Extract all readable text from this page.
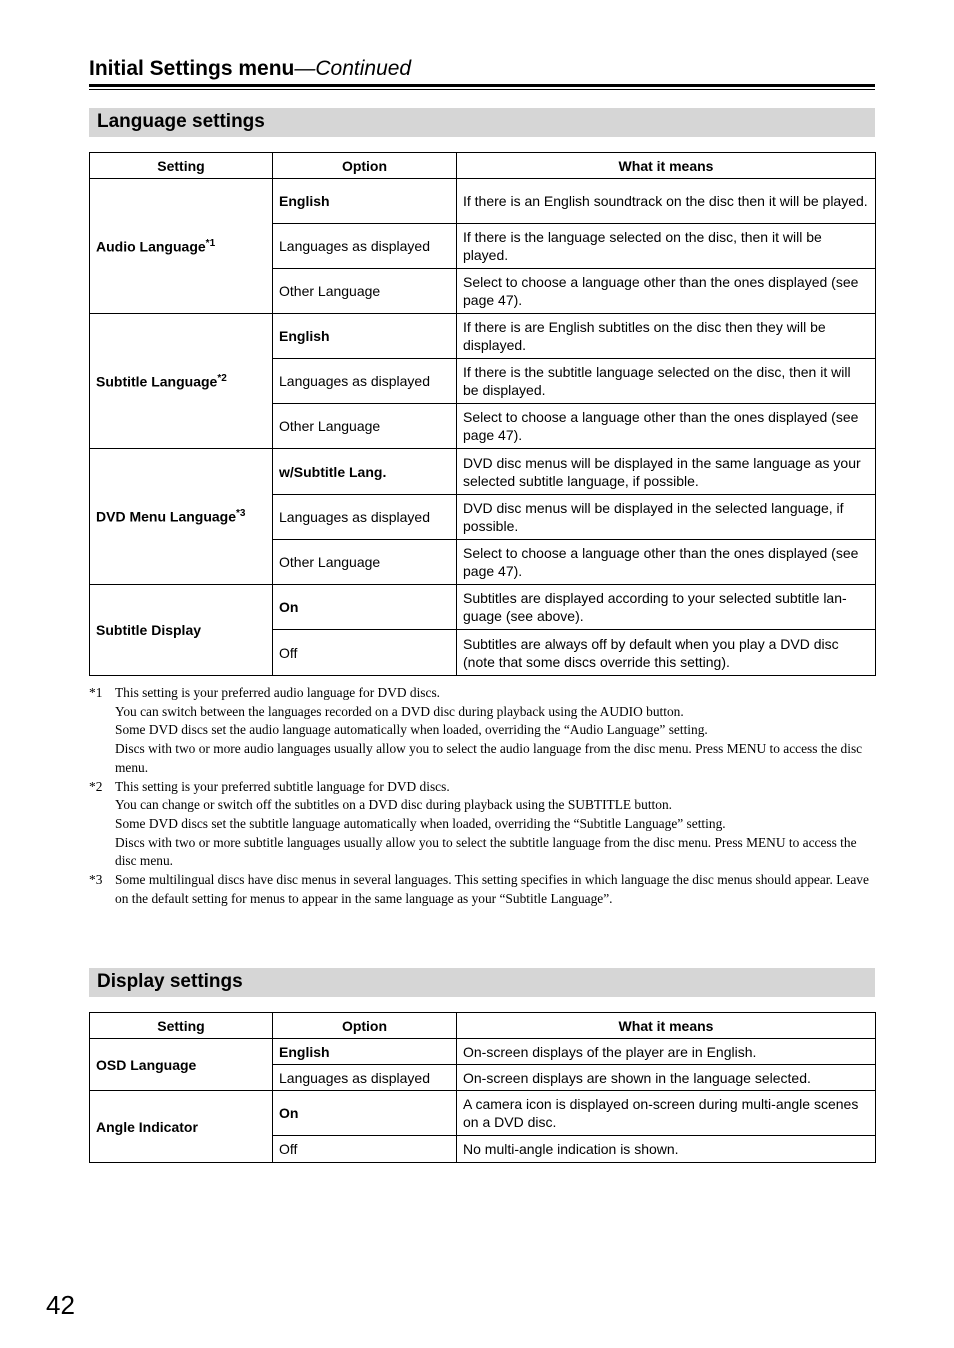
Initial Settings menu—Continued
Language settings
Setting	Option	What it means
Audio Language$^{*1}$	English	If there is an English soundtrack on the disc then it will be played.
	Languages as displayed	If there is the language selected on the disc, then it will be played.
	Other Language	Select to choose a language other than the ones displayed (see page 47).
Subtitle Language$^{*2}$	English	If there is are English subtitles on the disc then they will be displayed.
	Languages as displayed	If there is the subtitle language selected on the disc, then it will be displayed.
	Other Language	Select to choose a language other than the ones displayed (see page 47).
DVD Menu Language$^{*3}$	w/Subtitle Lang.	DVD disc menus will be displayed in the same language as your selected subtitle language, if possible.
	Languages as displayed	DVD disc menus will be displayed in the selected language, if possible.
	Other Language	Select to choose a language other than the ones displayed (see page 47).
Subtitle Display	On	Subtitles are displayed according to your selected subtitle lan-guage (see above).
	Off	Subtitles are always off by default when you play a DVD disc (note that some discs override this setting).
*1 This setting is your preferred audio language for DVD discs.

You can switch between the languages recorded on a DVD disc during playback using the AUDIO button.

Some DVD discs set the audio language automatically when loaded, overriding the “Audio Language” setting.

Discs with two or more audio languages usually allow you to select the audio language from the disc menu. Press MENU to access the disc menu.

*2 This setting is your preferred subtitle language for DVD discs.

You can change or switch off the subtitles on a DVD disc during playback using the SUBTITLE button.

Some DVD discs set the subtitle language automatically when loaded, overriding the “Subtitle Language” setting.

Discs with two or more subtitle languages usually allow you to select the subtitle language from the disc menu. Press MENU to access the disc menu.

*3 Some multilingual discs have disc menus in several languages. This setting specifies in which language the disc menus should appear. Leave on the default setting for menus to appear in the same language as your “Subtitle Language”.

Display settings
Setting	Option	What it means
OSD Language	English	On-screen displays of the player are in English.
	Languages as displayed	On-screen displays are shown in the language selected.
Angle Indicator	On	A camera icon is displayed on-screen during multi-angle scenes on a DVD disc.
	Off	No multi-angle indication is shown.
42
